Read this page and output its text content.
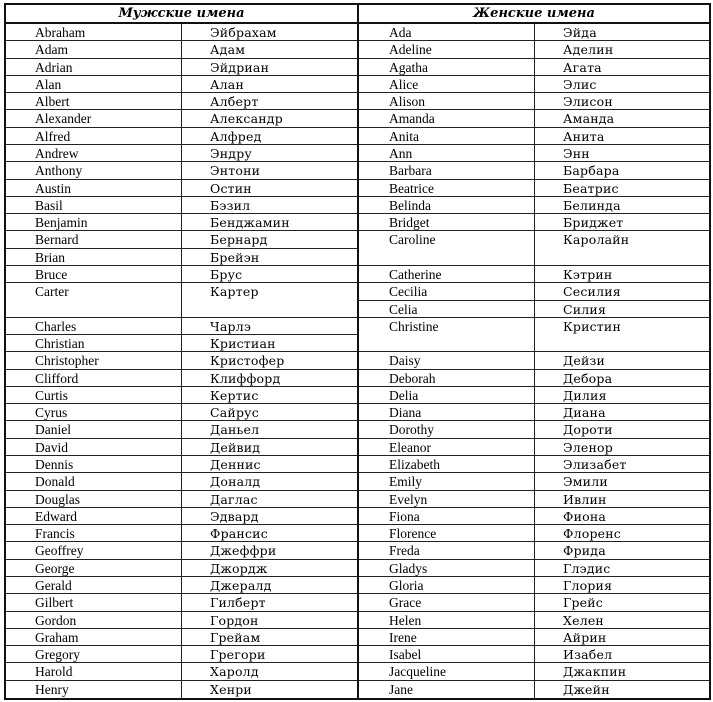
Мужские имена
Abraham	Эйбрахам
Adam	Адам
Adrian	Эйдриан
Alan	Алан
Albert	Алберт
Alexander	Александр
Alfred	Алфред
Andrew	Эндру
Anthony	Энтони
Austin	Остин
Basil	Бэзил
Benjamin	Бенджамин
Bernard	Бернард
Brian	Брейэн
Bruce	Брус
Carter	Картер
Charles	Чарлэ
Christian	Кристиан
Christopher	Кристофер
Clifford	Клиффорд
Curtis	Кертис
Cyrus	Сайрус
Daniel	Даньел
David	Дейвид
Dennis	Деннис
Donald	Доналд
Douglas	Даглас
Edward	Эдвард
Francis	Франсис
Geoffrey	Джеффри
George	Джордж
Gerald	Джералд
Gilbert	Гилберт
Gordon	Гордон
Graham	Грейам
Gregory	Грегори
Harold	Харолд
Henry	Хенри
Женские имена
Ada	Эйда
Adeline	Аделин
Agatha	Агата
Alice	Элис
Alison	Элисон
Amanda	Аманда
Anita	Анита
Ann	Энн
Barbara	Барбара
Beatrice	Беатрис
Belinda	Белинда
Bridget	Бриджет
Caroline	Каролайн
Catherine	Кэтрин
Cecilia	Сесилия
Celia	Силия
Christine	Кристин
Daisy	Дейзи
Deborah	Дебора
Delia	Дилия
Diana	Диана
Dorothy	Дороти
Eleanor	Эленор
Elizabeth	Элизабет
Emily	Эмили
Evelyn	Ивлин
Fiona	Фиона
Florence	Флоренс
Freda	Фрида
Gladys	Глэдис
Gloria	Глория
Grace	Грейс
Helen	Хелен
Irene	Айрин
Isabel	Изабел
Jacqueline	Джакпин
Jane	Джейн
